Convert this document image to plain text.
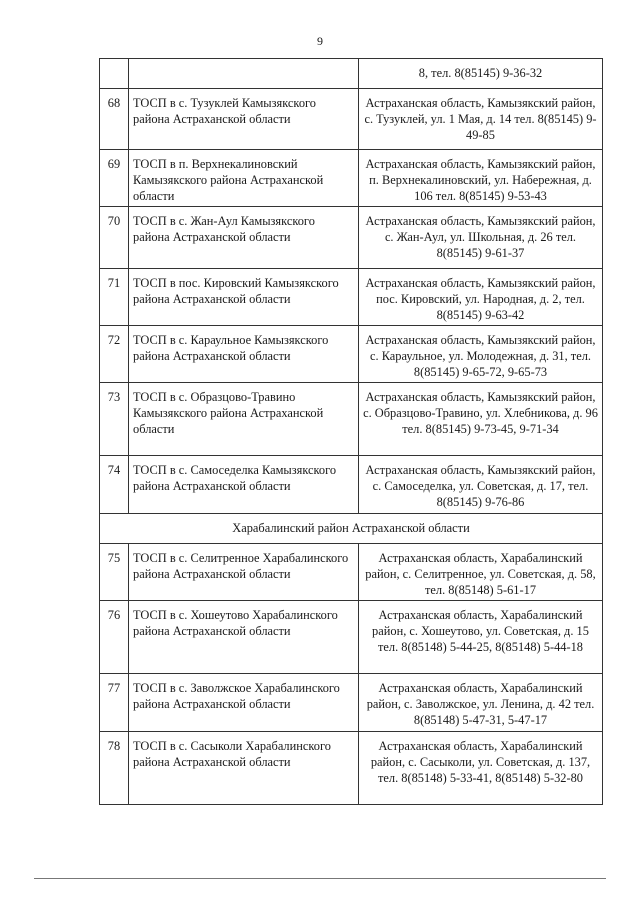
9
		8, тел. 8(85145) 9-36-32
68	ТОСП в с. Тузуклей Камызякского района Астраханской области	Астраханская область, Камызякский район, с. Тузуклей, ул. 1 Мая, д. 14 тел. 8(85145) 9-49-85
69	ТОСП в п. Верхнекалиновский Камызякского района Астраханской области	Астраханская область, Камызякский район, п. Верхнекалиновский, ул. Набережная, д. 106 тел. 8(85145) 9-53-43
70	ТОСП в с. Жан-Аул Камызякского района Астраханской области	Астраханская область, Камызякский район, с. Жан-Аул, ул. Школьная, д. 26 тел. 8(85145) 9-61-37
71	ТОСП в пос. Кировский Камызякского района Астраханской области	Астраханская область, Камызякский район, пос. Кировский, ул. Народная, д. 2, тел. 8(85145) 9-63-42
72	ТОСП в с. Караульное Камызякского района Астраханской области	Астраханская область, Камызякский район, с. Караульное, ул. Молодежная, д. 31, тел. 8(85145) 9-65-72, 9-65-73
73	ТОСП в с. Образцово-Травино Камызякского района Астраханской области	Астраханская область, Камызякский район, с. Образцово-Травино, ул. Хлебникова, д. 96 тел. 8(85145) 9-73-45, 9-71-34
74	ТОСП в с. Самоседелка Камызякского района Астраханской области	Астраханская область, Камызякский район, с. Самоседелка, ул. Советская, д. 17, тел. 8(85145) 9-76-86
Харабалинский район Астраханской области		
75	ТОСП в с. Селитренное Харабалинского района Астраханской области	Астраханская область, Харабалинский район, с. Селитренное, ул. Советская, д. 58, тел. 8(85148) 5-61-17
76	ТОСП в с. Хошеутово Харабалинского района Астраханской области	Астраханская область, Харабалинский район, с. Хошеутово, ул. Советская, д. 15 тел. 8(85148) 5-44-25, 8(85148) 5-44-18
77	ТОСП в с. Заволжское Харабалинского района Астраханской области	Астраханская область, Харабалинский район, с. Заволжское, ул. Ленина, д. 42 тел. 8(85148) 5-47-31, 5-47-17
78	ТОСП в с. Сасыколи Харабалинского района Астраханской области	Астраханская область, Харабалинский район, с. Сасыколи, ул. Советская, д. 137, тел. 8(85148) 5-33-41, 8(85148) 5-32-80
